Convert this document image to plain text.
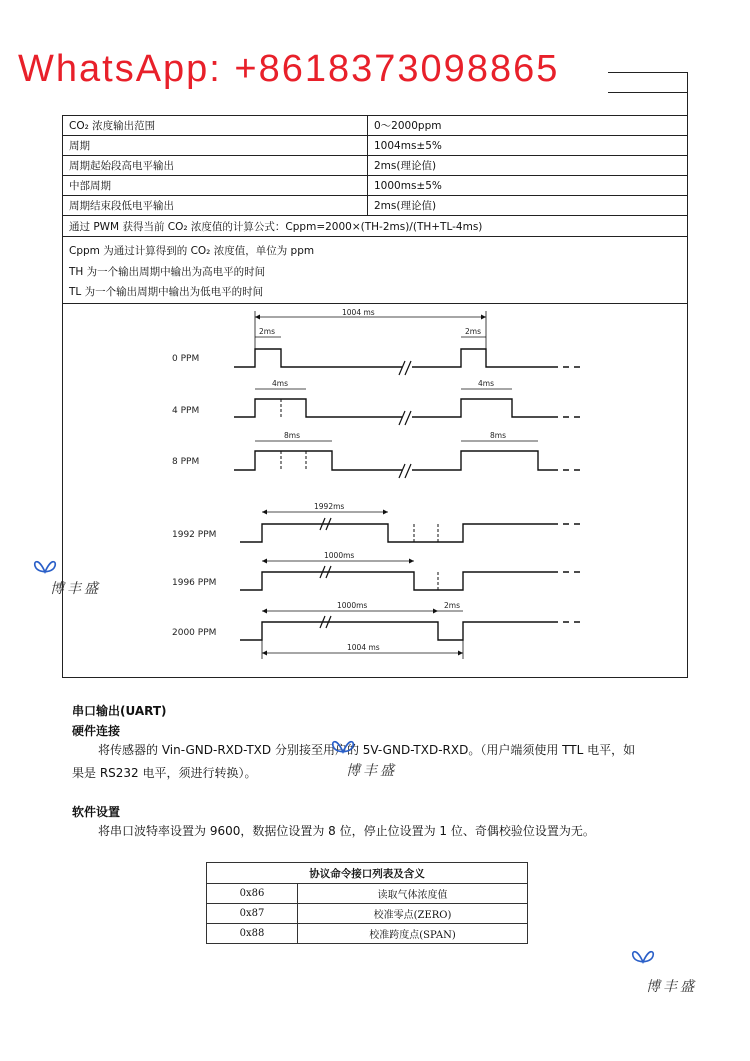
WhatsApp: +8618373098865
CO₂ 浓度输出范围	0～2000ppm
周期	1004ms±5%
周期起始段高电平输出	2ms(理论值)
中部周期	1000ms±5%
周期结束段低电平输出	2ms(理论值)
通过 PWM 获得当前 CO₂ 浓度值的计算公式：Cppm=2000×(TH-2ms)/(TH+TL-4ms)	

Cppm 为通过计算得到的 CO₂ 浓度值，单位为 ppm
TH 为一个输出周期中输出为高电平的时间
TL 为一个输出周期中输出为低电平的时间	

0 PPM
4 PPM
8 PPM
1992 PPM
1996 PPM
2000 PPM
1004 ms
2ms	2ms
4ms	4ms
8ms	8ms
1992ms
1000ms
1000ms	2ms
1004 ms
串口输出(UART)
硬件连接
将传感器的 Vin-GND-RXD-TXD 分别接至用户的 5V-GND-TXD-RXD。（用户端须使用 TTL 电平，如
果是 RS232 电平，须进行转换）。
软件设置
将串口波特率设置为 9600，数据位设置为 8 位，停止位设置为 1 位、奇偶校验位设置为无。
协议命令接口列表及含义	
0x86	读取气体浓度值
0x87	校准零点(ZERO)
0x88	校准跨度点(SPAN)
博丰盛
博丰盛
博丰盛
